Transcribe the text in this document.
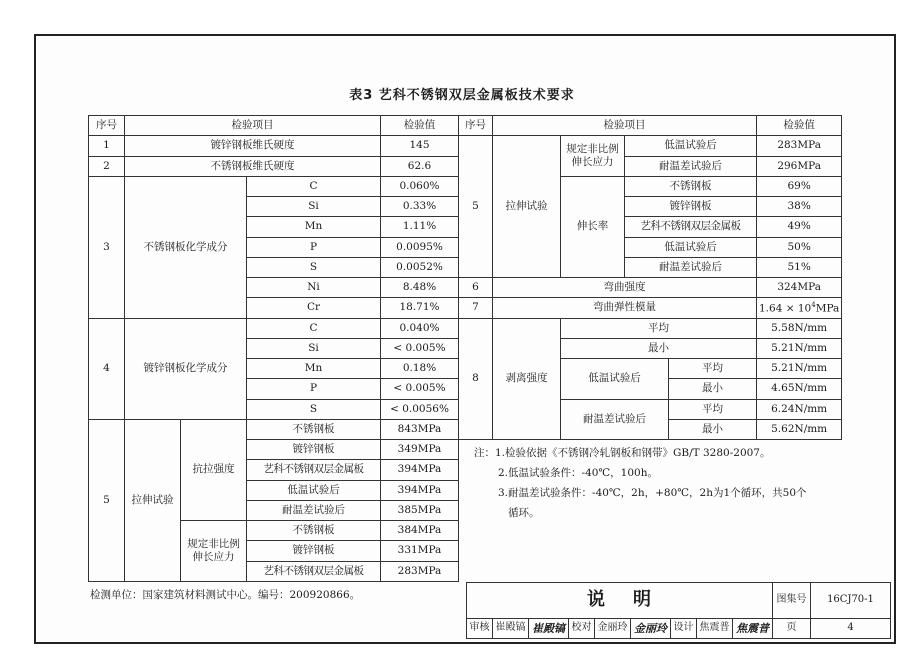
表3 艺科不锈钢双层金属板技术要求
序号	检验项目			检验值
1	镀锌钢板维氏硬度			145
2	不锈钢板维氏硬度			62.6
3	不锈钢板化学成分		C	0.060%
			Si	0.33%
			Mn	1.11%
			P	0.0095%
			S	0.0052%
			Ni	8.48%
			Cr	18.71%
4	镀锌钢板化学成分		C	0.040%
			Si	< 0.005%
			Mn	0.18%
			P	< 0.005%
			S	< 0.0056%
5	拉伸试验	抗拉强度	不锈钢板	843MPa
			镀锌钢板	349MPa
			艺科不锈钢双层金属板	394MPa
			低温试验后	394MPa
			耐温差试验后	385MPa
		规定非比例伸长应力	不锈钢板	384MPa
			镀锌钢板	331MPa
			艺科不锈钢双层金属板	283MPa
序号	检验项目				检验值
5	拉伸试验	规定非比例伸长应力	低温试验后		283MPa
			耐温差试验后		296MPa
		伸长率	不锈钢板		69%
			镀锌钢板		38%
			艺科不锈钢双层金属板		49%
			低温试验后		50%
			耐温差试验后		51%
6	弯曲强度				324MPa
7	弯曲弹性模量				$1.64 \times 10^4MPa$
8	剥离强度	平均			5.58N/mm
		最小			5.21N/mm
		低温试验后		平均	5.21N/mm
				最小	4.65N/mm
		耐温差试验后		平均	6.24N/mm
				最小	5.62N/mm
注：1.检验依据《不锈钢冷轧钢板和钢带》GB/T 3280-2007。
2.低温试验条件：-40℃，100h。
3.耐温差试验条件：-40℃，2h，+80℃，2h为1个循环，共50个
循环。
检测单位：国家建筑材料测试中心。编号：200920866。	说明									图集号	16CJ70-1
审核	崔殿镐	崔殿镐	校对	金丽玲	金丽玲	设计	焦震普	焦震普	页	4
